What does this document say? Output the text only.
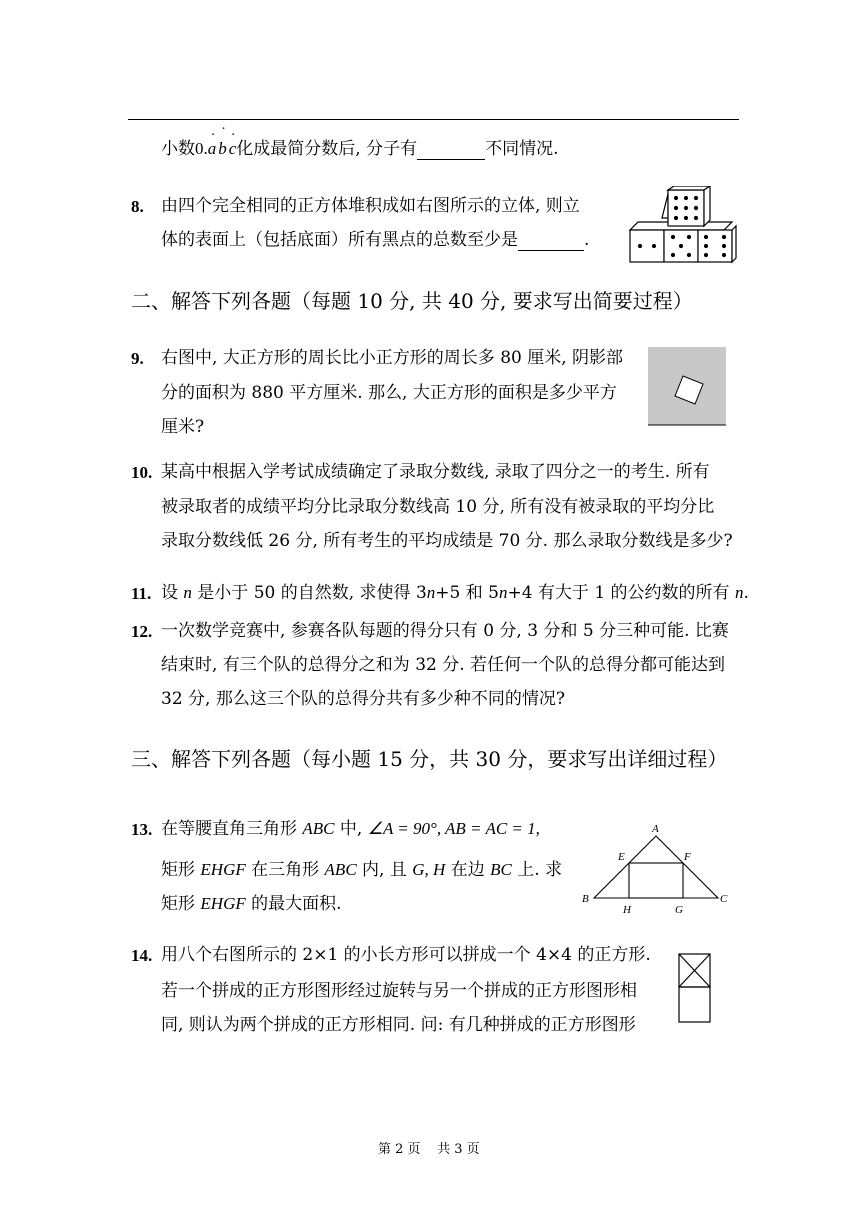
小数0.a
·
b
·
c
·
化成最简分数后, 分子有	不同情况.
8. 由四个完全相同的正方体堆积成如右图所示的立体, 则立
体的表面上（包括底面）所有黑点的总数至少是	.
二、解答下列各题（每题 10 分, 共 40 分, 要求写出简要过程）
9. 右图中, 大正方形的周长比小正方形的周长多 80 厘米, 阴影部
分的面积为 880 平方厘米. 那么, 大正方形的面积是多少平方
厘米?
10. 某高中根据入学考试成绩确定了录取分数线, 录取了四分之一的考生. 所有
被录取者的成绩平均分比录取分数线高 10 分, 所有没有被录取的平均分比
录取分数线低 26 分, 所有考生的平均成绩是 70 分. 那么录取分数线是多少?
11. 设 n 是小于 50 的自然数, 求使得 3n+5 和 5n+4 有大于 1 的公约数的所有 n.
12. 一次数学竞赛中, 参赛各队每题的得分只有 0 分, 3 分和 5 分三种可能. 比赛
结束时, 有三个队的总得分之和为 32 分. 若任何一个队的总得分都可能达到
32 分, 那么这三个队的总得分共有多少种不同的情况?
三、解答下列各题（每小题 15 分，共 30 分，要求写出详细过程）
13. 在等腰直角三角形 ABC 中, ∠A = 90°, AB = AC = 1,
矩形 EHGF 在三角形 ABC 内, 且 G, H 在边 BC 上. 求
矩形 EHGF 的最大面积.
A
B	C
E	F
H	G
14. 用八个右图所示的 2×1 的小长方形可以拼成一个 4×4 的正方形.
若一个拼成的正方形图形经过旋转与另一个拼成的正方形图形相
同, 则认为两个拼成的正方形相同. 问: 有几种拼成的正方形图形
第 2 页    共 3 页
